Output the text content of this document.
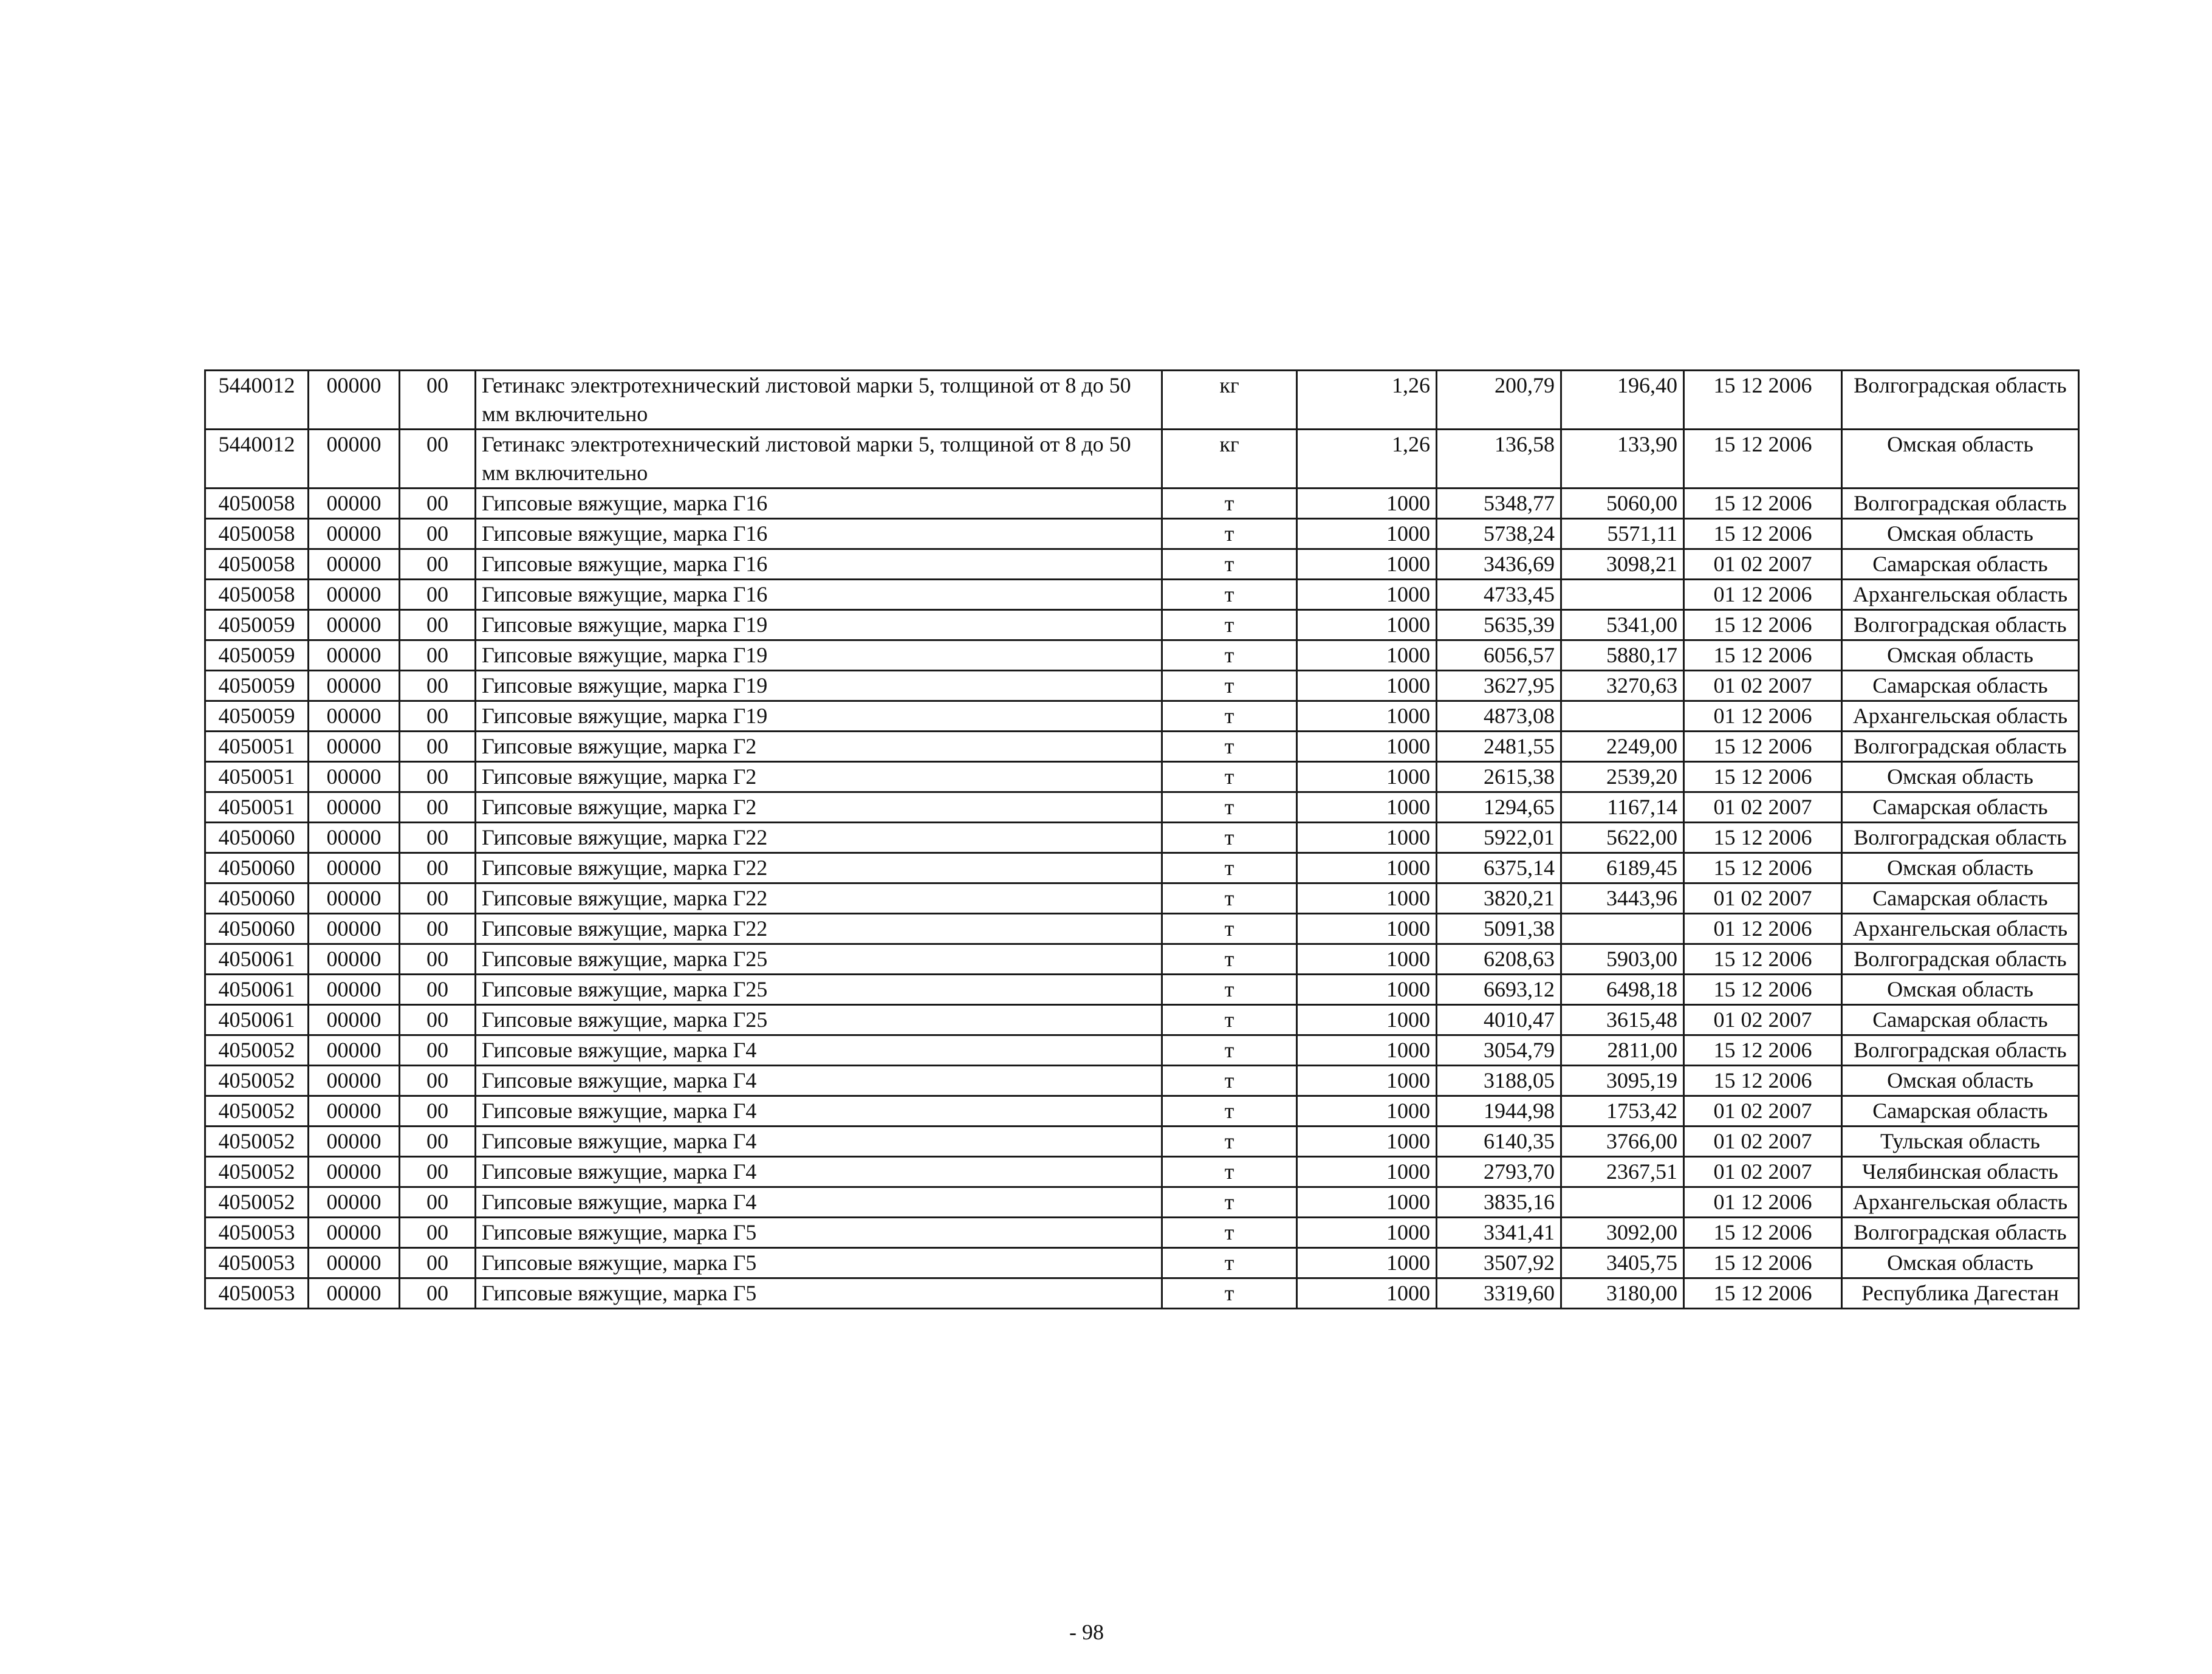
5440012	00000	00	Гетинакс электротехнический листовой марки 5, толщиной от 8 до 50 мм включительно	кг	1,26	200,79	196,40	15 12 2006	Волгоградская область
5440012	00000	00	Гетинакс электротехнический листовой марки 5, толщиной от 8 до 50 мм включительно	кг	1,26	136,58	133,90	15 12 2006	Омская область
4050058	00000	00	Гипсовые вяжущие, марка Г16	т	1000	5348,77	5060,00	15 12 2006	Волгоградская область
4050058	00000	00	Гипсовые вяжущие, марка Г16	т	1000	5738,24	5571,11	15 12 2006	Омская область
4050058	00000	00	Гипсовые вяжущие, марка Г16	т	1000	3436,69	3098,21	01 02 2007	Самарская область
4050058	00000	00	Гипсовые вяжущие, марка Г16	т	1000	4733,45		01 12 2006	Архангельская область
4050059	00000	00	Гипсовые вяжущие, марка Г19	т	1000	5635,39	5341,00	15 12 2006	Волгоградская область
4050059	00000	00	Гипсовые вяжущие, марка Г19	т	1000	6056,57	5880,17	15 12 2006	Омская область
4050059	00000	00	Гипсовые вяжущие, марка Г19	т	1000	3627,95	3270,63	01 02 2007	Самарская область
4050059	00000	00	Гипсовые вяжущие, марка Г19	т	1000	4873,08		01 12 2006	Архангельская область
4050051	00000	00	Гипсовые вяжущие, марка Г2	т	1000	2481,55	2249,00	15 12 2006	Волгоградская область
4050051	00000	00	Гипсовые вяжущие, марка Г2	т	1000	2615,38	2539,20	15 12 2006	Омская область
4050051	00000	00	Гипсовые вяжущие, марка Г2	т	1000	1294,65	1167,14	01 02 2007	Самарская область
4050060	00000	00	Гипсовые вяжущие, марка Г22	т	1000	5922,01	5622,00	15 12 2006	Волгоградская область
4050060	00000	00	Гипсовые вяжущие, марка Г22	т	1000	6375,14	6189,45	15 12 2006	Омская область
4050060	00000	00	Гипсовые вяжущие, марка Г22	т	1000	3820,21	3443,96	01 02 2007	Самарская область
4050060	00000	00	Гипсовые вяжущие, марка Г22	т	1000	5091,38		01 12 2006	Архангельская область
4050061	00000	00	Гипсовые вяжущие, марка Г25	т	1000	6208,63	5903,00	15 12 2006	Волгоградская область
4050061	00000	00	Гипсовые вяжущие, марка Г25	т	1000	6693,12	6498,18	15 12 2006	Омская область
4050061	00000	00	Гипсовые вяжущие, марка Г25	т	1000	4010,47	3615,48	01 02 2007	Самарская область
4050052	00000	00	Гипсовые вяжущие, марка Г4	т	1000	3054,79	2811,00	15 12 2006	Волгоградская область
4050052	00000	00	Гипсовые вяжущие, марка Г4	т	1000	3188,05	3095,19	15 12 2006	Омская область
4050052	00000	00	Гипсовые вяжущие, марка Г4	т	1000	1944,98	1753,42	01 02 2007	Самарская область
4050052	00000	00	Гипсовые вяжущие, марка Г4	т	1000	6140,35	3766,00	01 02 2007	Тульская область
4050052	00000	00	Гипсовые вяжущие, марка Г4	т	1000	2793,70	2367,51	01 02 2007	Челябинская область
4050052	00000	00	Гипсовые вяжущие, марка Г4	т	1000	3835,16		01 12 2006	Архангельская область
4050053	00000	00	Гипсовые вяжущие, марка Г5	т	1000	3341,41	3092,00	15 12 2006	Волгоградская область
4050053	00000	00	Гипсовые вяжущие, марка Г5	т	1000	3507,92	3405,75	15 12 2006	Омская область
4050053	00000	00	Гипсовые вяжущие, марка Г5	т	1000	3319,60	3180,00	15 12 2006	Республика Дагестан
- 98
